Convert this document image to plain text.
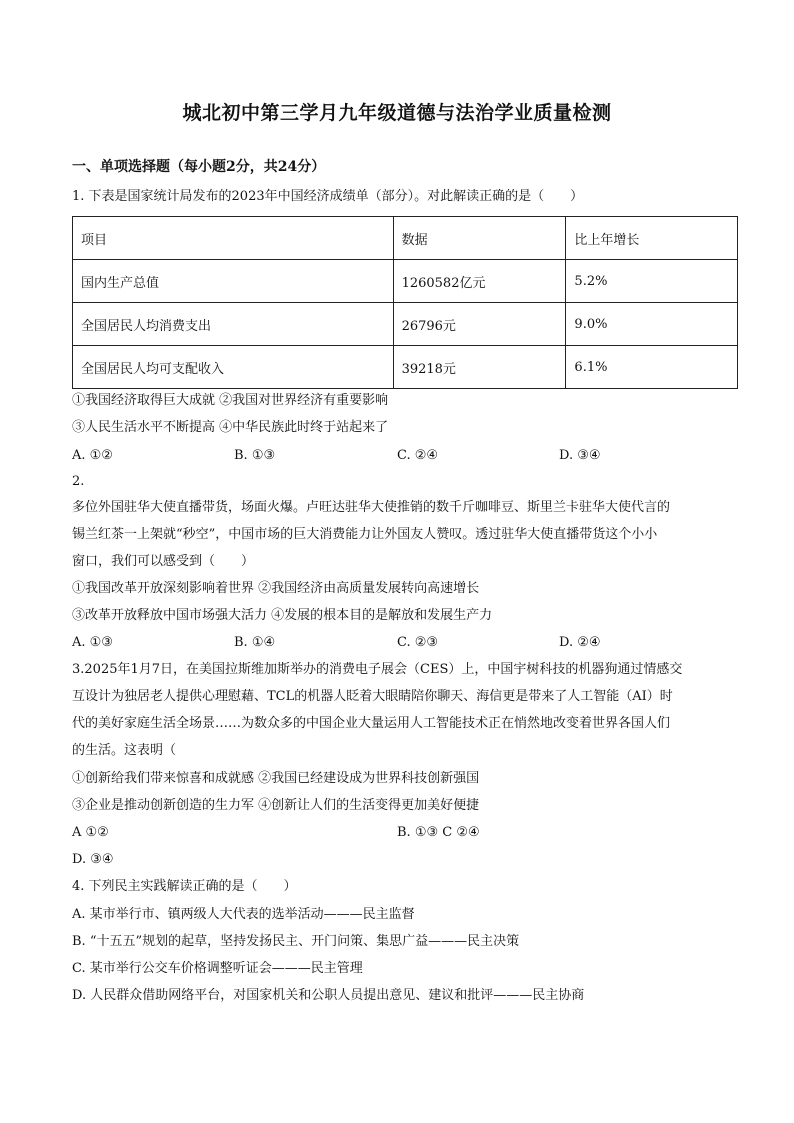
城北初中第三学月九年级道德与法治学业质量检测
一、单项选择题（每小题2分，共24分）
1. 下表是国家统计局发布的2023年中国经济成绩单（部分）。对此解读正确的是（　　）
项目	数据	比上年增长
国内生产总值	1260582亿元	5.2%
全国居民人均消费支出	26796元	9.0%
全国居民人均可支配收入	39218元	6.1%
①我国经济取得巨大成就 ②我国对世界经济有重要影响
③人民生活水平不断提高 ④中华民族此时终于站起来了
A. ①②	B. ①③	C. ②④	D. ③④
2.
多位外国驻华大使直播带货，场面火爆。卢旺达驻华大使推销的数千斤咖啡豆、斯里兰卡驻华大使代言的
锡兰红茶一上架就“秒空”，中国市场的巨大消费能力让外国友人赞叹。透过驻华大使直播带货这个小小
窗口，我们可以感受到（　　）
①我国改革开放深刻影响着世界 ②我国经济由高质量发展转向高速增长
③改革开放释放中国市场强大活力 ④发展的根本目的是解放和发展生产力
A. ①③	B. ①④	C. ②③	D. ②④
3.2025年1月7日，在美国拉斯维加斯举办的消费电子展会（CES）上，中国宇树科技的机器狗通过情感交
互设计为独居老人提供心理慰藉、TCL的机器人眨着大眼睛陪你聊天、海信更是带来了人工智能（AI）时
代的美好家庭生活全场景……为数众多的中国企业大量运用人工智能技术正在悄然地改变着世界各国人们
的生活。这表明（
①创新给我们带来惊喜和成就感 ②我国已经建设成为世界科技创新强国
③企业是推动创新创造的生力军 ④创新让人们的生活变得更加美好便捷
A ①②	B. ①③ C ②④
D. ③④
4. 下列民主实践解读正确的是（　　）
A. 某市举行市、镇两级人大代表的选举活动———民主监督
B. “十五五”规划的起草，坚持发扬民主、开门问策、集思广益———民主决策
C. 某市举行公交车价格调整听证会———民主管理
D. 人民群众借助网络平台，对国家机关和公职人员提出意见、建议和批评———民主协商
